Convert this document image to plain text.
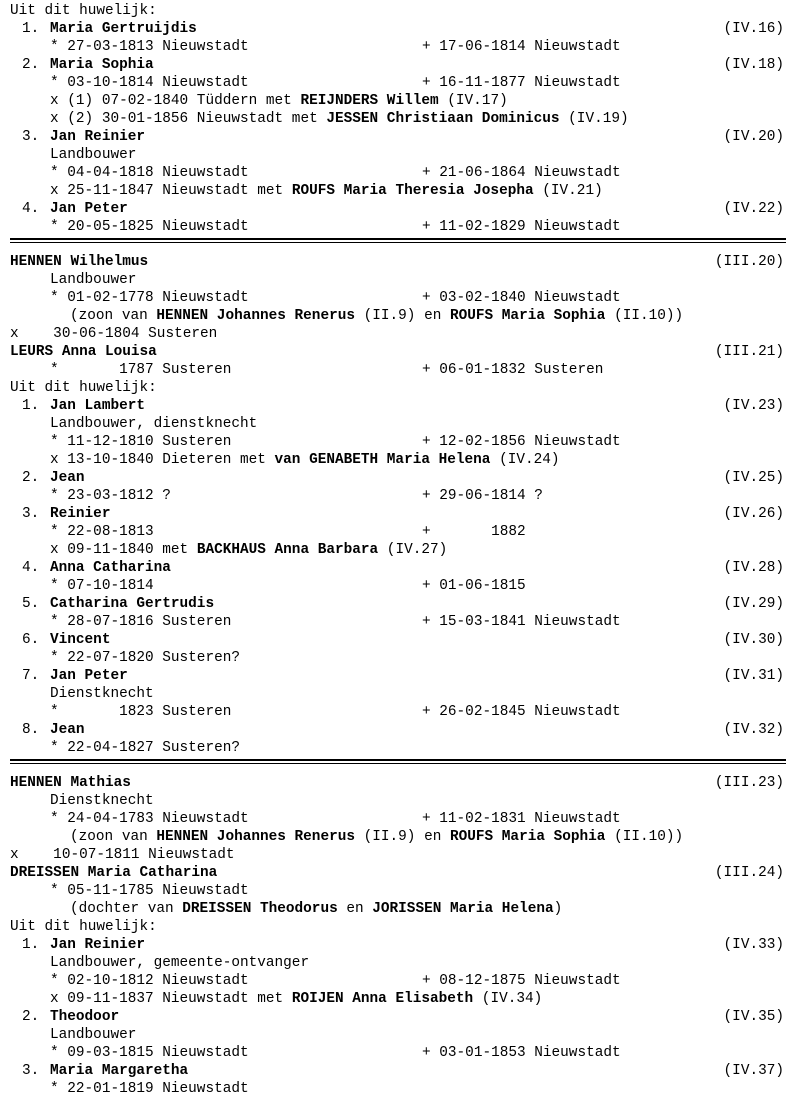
Uit dit huwelijk:
1. Maria Gertruijdis	(IV.16)
* 27-03-1813 Nieuwstadt	+ 17-06-1814 Nieuwstadt
2. Maria Sophia	(IV.18)
* 03-10-1814 Nieuwstadt	+ 16-11-1877 Nieuwstadt
x (1) 07-02-1840 Tüddern met REIJNDERS Willem (IV.17)
x (2) 30-01-1856 Nieuwstadt met JESSEN Christiaan Dominicus (IV.19)
3. Jan Reinier	(IV.20)
Landbouwer
* 04-04-1818 Nieuwstadt	+ 21-06-1864 Nieuwstadt
x 25-11-1847 Nieuwstadt met ROUFS Maria Theresia Josepha (IV.21)
4. Jan Peter	(IV.22)
* 20-05-1825 Nieuwstadt	+ 11-02-1829 Nieuwstadt
HENNEN Wilhelmus	(III.20)
Landbouwer
* 01-02-1778 Nieuwstadt	+ 03-02-1840 Nieuwstadt
(zoon van HENNEN Johannes Renerus (II.9) en ROUFS Maria Sophia (II.10))
x    30-06-1804 Susteren
LEURS Anna Louisa	(III.21)
*       1787 Susteren	+ 06-01-1832 Susteren
Uit dit huwelijk:
1. Jan Lambert	(IV.23)
Landbouwer, dienstknecht
* 11-12-1810 Susteren	+ 12-02-1856 Nieuwstadt
x 13-10-1840 Dieteren met van GENABETH Maria Helena (IV.24)
2. Jean	(IV.25)
* 23-03-1812 ?	+ 29-06-1814 ?
3. Reinier	(IV.26)
* 22-08-1813	+       1882
x 09-11-1840 met BACKHAUS Anna Barbara (IV.27)
4. Anna Catharina	(IV.28)
* 07-10-1814	+ 01-06-1815
5. Catharina Gertrudis	(IV.29)
* 28-07-1816 Susteren	+ 15-03-1841 Nieuwstadt
6. Vincent	(IV.30)
* 22-07-1820 Susteren?
7. Jan Peter	(IV.31)
Dienstknecht
*       1823 Susteren	+ 26-02-1845 Nieuwstadt
8. Jean	(IV.32)
* 22-04-1827 Susteren?
HENNEN Mathias	(III.23)
Dienstknecht
* 24-04-1783 Nieuwstadt	+ 11-02-1831 Nieuwstadt
(zoon van HENNEN Johannes Renerus (II.9) en ROUFS Maria Sophia (II.10))
x    10-07-1811 Nieuwstadt
DREISSEN Maria Catharina	(III.24)
* 05-11-1785 Nieuwstadt
(dochter van DREISSEN Theodorus en JORISSEN Maria Helena)
Uit dit huwelijk:
1. Jan Reinier	(IV.33)
Landbouwer, gemeente-ontvanger
* 02-10-1812 Nieuwstadt	+ 08-12-1875 Nieuwstadt
x 09-11-1837 Nieuwstadt met ROIJEN Anna Elisabeth (IV.34)
2. Theodoor	(IV.35)
Landbouwer
* 09-03-1815 Nieuwstadt	+ 03-01-1853 Nieuwstadt
3. Maria Margaretha	(IV.37)
* 22-01-1819 Nieuwstadt
